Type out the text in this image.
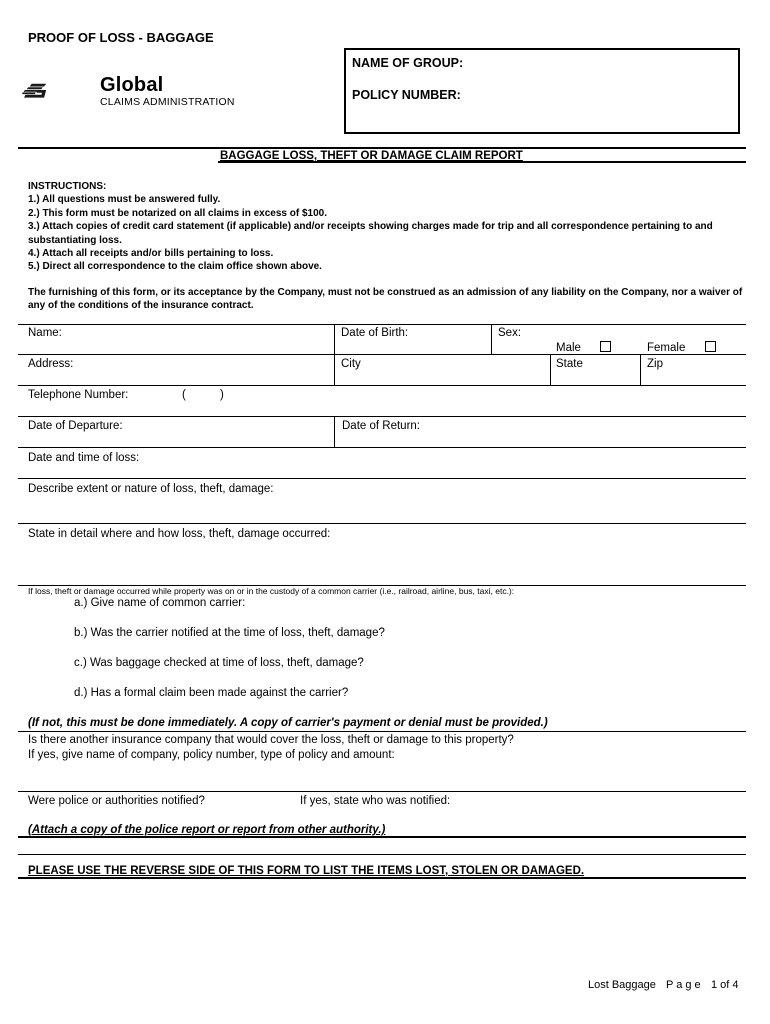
PROOF OF LOSS - BAGGAGE
Global
CLAIMS ADMINISTRATION
NAME OF GROUP:
POLICY NUMBER:
BAGGAGE LOSS, THEFT OR DAMAGE CLAIM REPORT
INSTRUCTIONS:
1.) All questions must be answered fully.
2.) This form must be notarized on all claims in excess of $100.
3.) Attach copies of credit card statement (if applicable) and/or receipts showing charges made for trip and all correspondence pertaining to and substantiating loss.
4.) Attach all receipts and/or bills pertaining to loss.
5.) Direct all correspondence to the claim office shown above.
The furnishing of this form, or its acceptance by the Company, must not be construed as an admission of any liability on the Company, nor a waiver of any of the conditions of the insurance contract.
Name:	Date of Birth:	Sex:
Male	Female
Address:	City	State	Zip
Telephone Number:	(	)
Date of Departure:	Date of Return:
Date and time of loss:
Describe extent or nature of loss, theft, damage:
State in detail where and how loss, theft, damage occurred:
If loss, theft or damage occurred while property was on or in the custody of a common carrier (i.e., railroad, airline, bus, taxi, etc.):
a.) Give name of common carrier:
b.) Was the carrier notified at the time of loss, theft, damage?
c.) Was baggage checked at time of loss, theft, damage?
d.) Has a formal claim been made against the carrier?
(If not, this must be done immediately. A copy of carrier's payment or denial must be provided.)
Is there another insurance company that would cover the loss, theft or damage to this property?
If yes, give name of company, policy number, type of policy and amount:
Were police or authorities notified?	If yes, state who was notified:
(Attach a copy of the police report or report from other authority.)
PLEASE USE THE REVERSE SIDE OF THIS FORM TO LIST THE ITEMS LOST, STOLEN OR DAMAGED.
Lost Baggage P a g e 1 of 4
